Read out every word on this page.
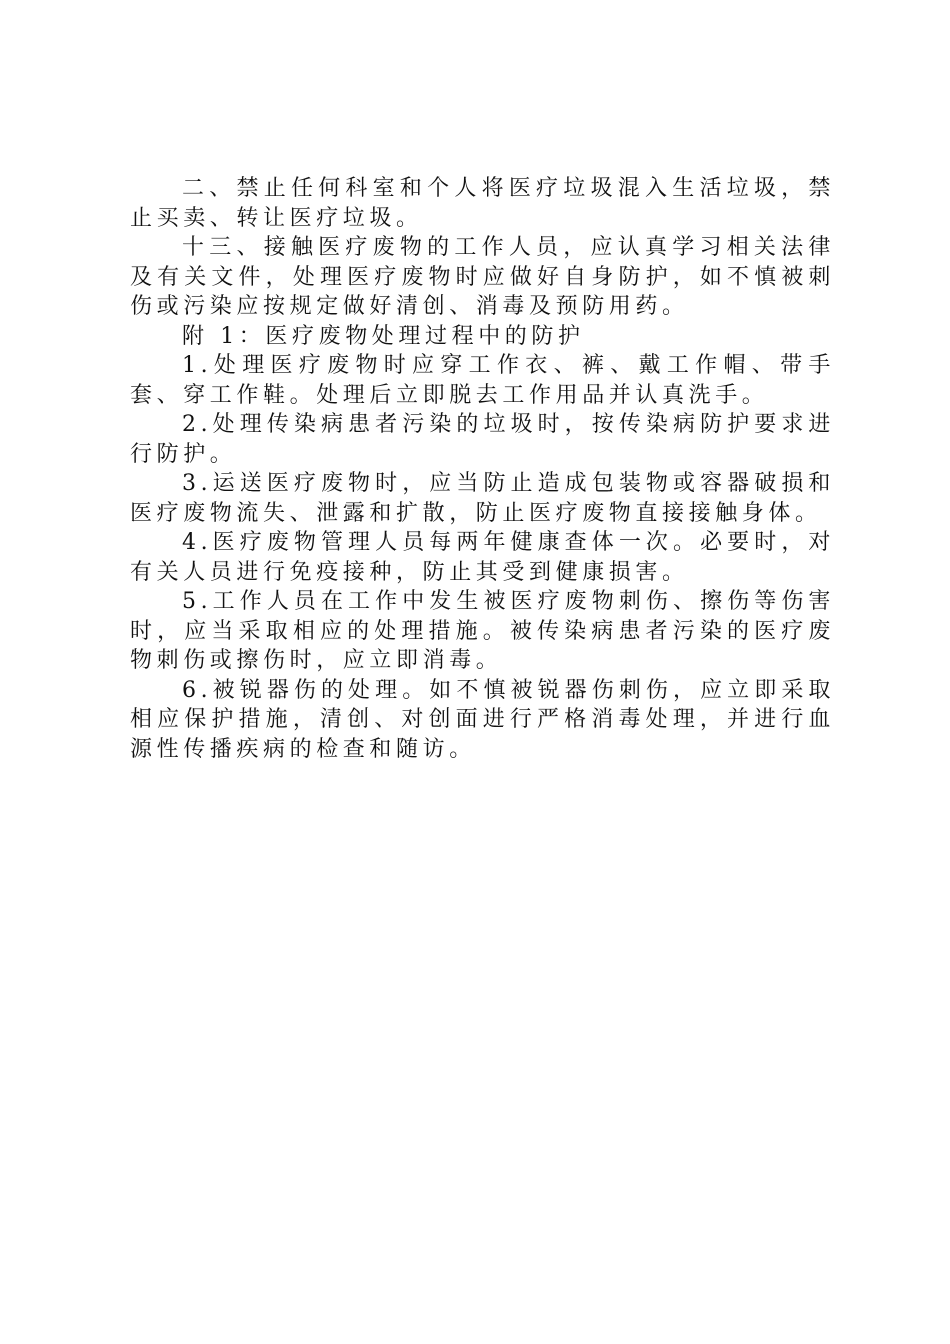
二、禁止任何科室和个人将医疗垃圾混入生活垃圾，禁止买卖、转让医疗垃圾。

十三、接触医疗废物的工作人员，应认真学习相关法律及有关文件，处理医疗废物时应做好自身防护，如不慎被刺伤或污染应按规定做好清创、消毒及预防用药。

附 1：医疗废物处理过程中的防护

1.处理医疗废物时应穿工作衣、裤、戴工作帽、带手套、穿工作鞋。处理后立即脱去工作用品并认真洗手。

2.处理传染病患者污染的垃圾时，按传染病防护要求进行防护。

3.运送医疗废物时，应当防止造成包装物或容器破损和医疗废物流失、泄露和扩散，防止医疗废物直接接触身体。

4.医疗废物管理人员每两年健康查体一次。必要时，对有关人员进行免疫接种，防止其受到健康损害。

5.工作人员在工作中发生被医疗废物刺伤、擦伤等伤害时，应当采取相应的处理措施。被传染病患者污染的医疗废物刺伤或擦伤时，应立即消毒。

6.被锐器伤的处理。如不慎被锐器伤刺伤，应立即采取相应保护措施，清创、对创面进行严格消毒处理，并进行血源性传播疾病的检查和随访。
